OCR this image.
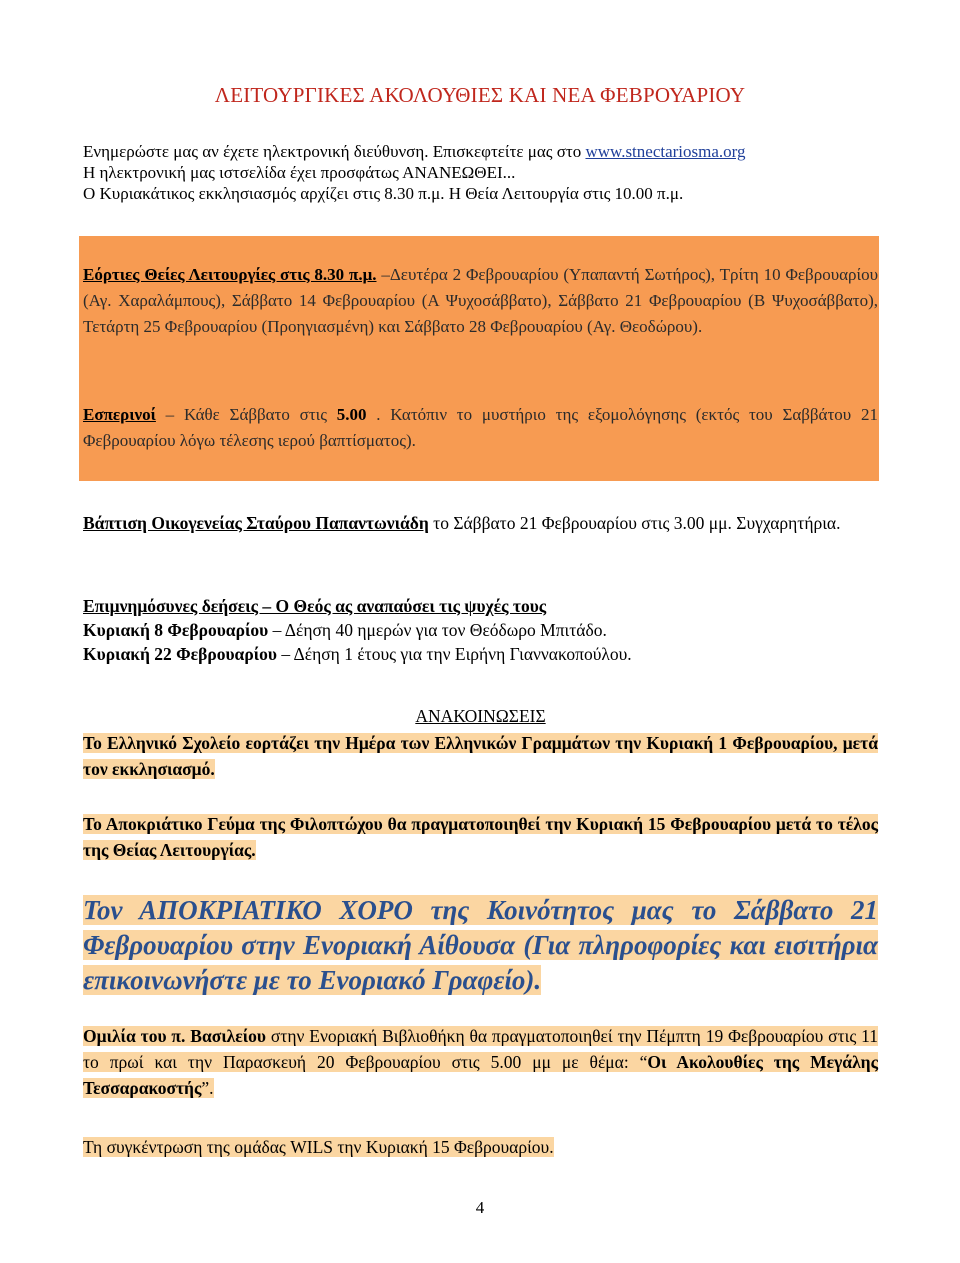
ΛΕΙΤΟΥΡΓΙΚΕΣ ΑΚΟΛΟΥΘΙΕΣ ΚΑΙ ΝΕΑ ΦΕΒΡΟΥΑΡΙΟΥ
Ενημερώστε μας αν έχετε ηλεκτρονική διεύθυνση. Επισκεφτείτε μας στο www.stnectariosma.org
Η ηλεκτρονική μας ιστσελίδα έχει προσφάτως ΑΝΑΝΕΩΘΕΙ...
Ο Κυριακάτικος εκκλησιασμός αρχίζει στις 8.30 π.μ. Η Θεία Λειτουργία στις 10.00 π.μ.
Εόρτιες Θείες Λειτουργίες στις 8.30 π.μ. –Δευτέρα 2 Φεβρουαρίου (Υπαπαντή Σωτήρος), Τρίτη 10 Φεβρουαρίου (Αγ. Χαραλάμπους), Σάββατο 14 Φεβρουαρίου (Α Ψυχοσάββατο), Σάββατο 21 Φεβρουαρίου (Β Ψυχοσάββατο), Τετάρτη 25 Φεβρουαρίου (Προηγιασμένη) και Σάββατο 28 Φεβρουαρίου (Αγ. Θεοδώρου).
Εσπερινοί – Κάθε Σάββατο στις 5.00 . Κατόπιν το μυστήριο της εξομολόγησης (εκτός του Σαββάτου 21 Φεβρουαρίου λόγω τέλεσης ιερού βαπτίσματος).
Βάπτιση Οικογενείας Σταύρου Παπαντωνιάδη το Σάββατο 21 Φεβρουαρίου στις 3.00 μμ. Συγχαρητήρια.
Επιμνημόσυνες δεήσεις – Ο Θεός ας αναπαύσει τις ψυχές τους
Κυριακή 8 Φεβρουαρίου – Δέηση 40 ημερών για τον Θεόδωρο Μπιτάδο.
Κυριακή 22 Φεβρουαρίου – Δέηση 1 έτους για την Ειρήνη Γιαννακοπούλου.
ΑΝΑΚΟΙΝΩΣΕΙΣ
Το Ελληνικό Σχολείο εορτάζει την Ημέρα των Ελληνικών Γραμμάτων την Κυριακή 1 Φεβρουαρίου, μετά τον εκκλησιασμό.
Το Αποκριάτικο Γεύμα της Φιλοπτώχου θα πραγματοποιηθεί την Κυριακή 15 Φεβρουαρίου μετά το τέλος της Θείας Λειτουργίας.
Τον ΑΠΟΚΡΙΑΤΙΚΟ ΧΟΡΟ της Κοινότητος μας το Σάββατο 21 Φεβρουαρίου στην Ενοριακή Αίθουσα (Για πληροφορίες και εισιτήρια επικοινωνήστε με το Ενοριακό Γραφείο).
Ομιλία του π. Βασιλείου στην Ενοριακή Βιβλιοθήκη θα πραγματοποιηθεί την Πέμπτη 19 Φεβρουαρίου στις 11 το πρωί και την Παρασκευή 20 Φεβρουαρίου στις 5.00 μμ με θέμα: “Οι Ακολουθίες της Μεγάλης Τεσσαρακοστής”.
Τη συγκέντρωση της ομάδας WILS την Κυριακή 15 Φεβρουαρίου.
4
